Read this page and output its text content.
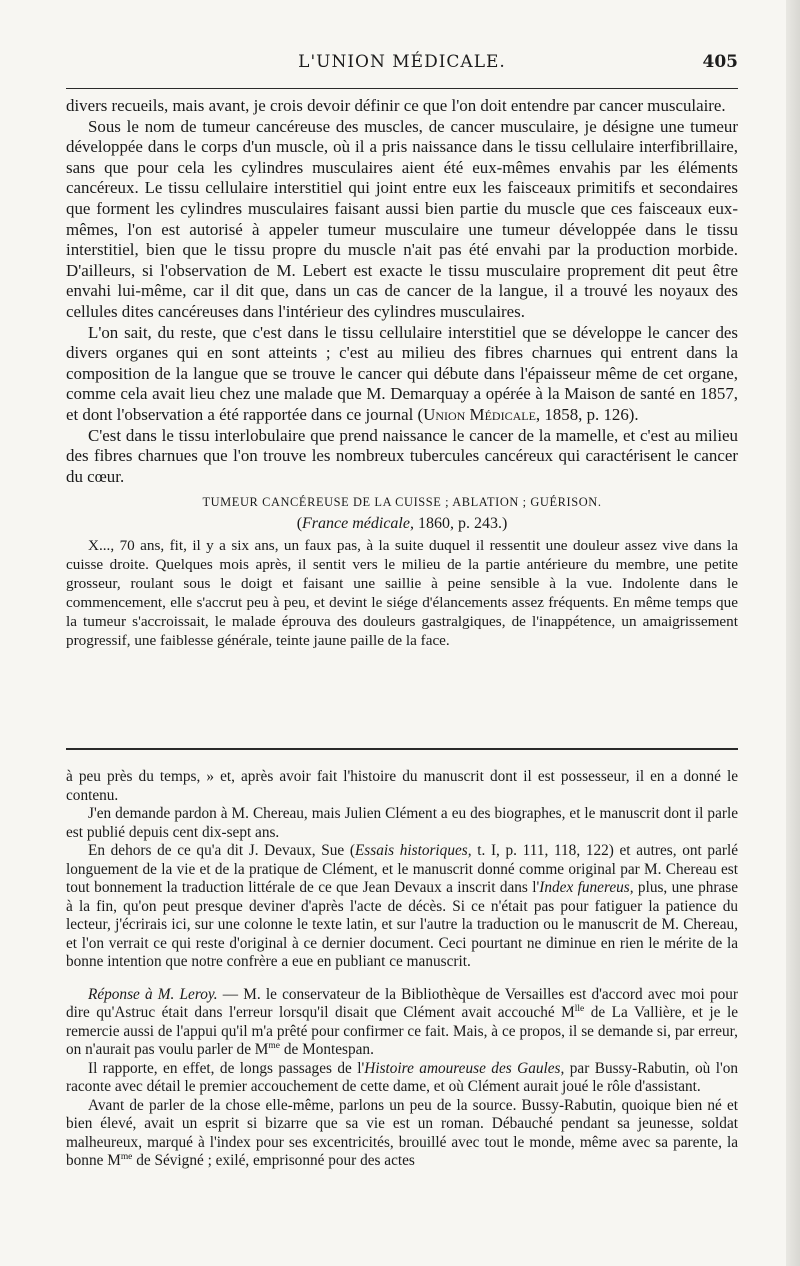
L'UNION MÉDICALE.	405

divers recueils, mais avant, je crois devoir définir ce que l'on doit entendre par cancer musculaire.

Sous le nom de tumeur cancéreuse des muscles, de cancer musculaire, je désigne une tumeur développée dans le corps d'un muscle, où il a pris naissance dans le tissu cellulaire interfibrillaire, sans que pour cela les cylindres musculaires aient été eux-mêmes envahis par les éléments cancéreux. Le tissu cellulaire interstitiel qui joint entre eux les faisceaux primitifs et secondaires que forment les cylindres musculaires faisant aussi bien partie du muscle que ces faisceaux eux-mêmes, l'on est autorisé à appeler tumeur musculaire une tumeur développée dans le tissu interstitiel, bien que le tissu propre du muscle n'ait pas été envahi par la production morbide. D'ailleurs, si l'observation de M. Lebert est exacte le tissu musculaire proprement dit peut être envahi lui-même, car il dit que, dans un cas de cancer de la langue, il a trouvé les noyaux des cellules dites cancéreuses dans l'intérieur des cylindres musculaires.

L'on sait, du reste, que c'est dans le tissu cellulaire interstitiel que se développe le cancer des divers organes qui en sont atteints ; c'est au milieu des fibres charnues qui entrent dans la composition de la langue que se trouve le cancer qui débute dans l'épaisseur même de cet organe, comme cela avait lieu chez une malade que M. Demarquay a opérée à la Maison de santé en 1857, et dont l'observation a été rapportée dans ce journal (Union Médicale, 1858, p. 126).

C'est dans le tissu interlobulaire que prend naissance le cancer de la mamelle, et c'est au milieu des fibres charnues que l'on trouve les nombreux tubercules cancéreux qui caractérisent le cancer du cœur.

TUMEUR CANCÉREUSE DE LA CUISSE ; ABLATION ; GUÉRISON.

(France médicale, 1860, p. 243.)

X..., 70 ans, fit, il y a six ans, un faux pas, à la suite duquel il ressentit une douleur assez vive dans la cuisse droite. Quelques mois après, il sentit vers le milieu de la partie antérieure du membre, une petite grosseur, roulant sous le doigt et faisant une saillie à peine sensible à la vue. Indolente dans le commencement, elle s'accrut peu à peu, et devint le siége d'élancements assez fréquents. En même temps que la tumeur s'accroissait, le malade éprouva des douleurs gastralgiques, de l'inappétence, un amaigrissement progressif, une faiblesse générale, teinte jaune paille de la face.

à peu près du temps, » et, après avoir fait l'histoire du manuscrit dont il est possesseur, il en a donné le contenu.

J'en demande pardon à M. Chereau, mais Julien Clément a eu des biographes, et le manuscrit dont il parle est publié depuis cent dix-sept ans.

En dehors de ce qu'a dit J. Devaux, Sue (Essais historiques, t. I, p. 111, 118, 122) et autres, ont parlé longuement de la vie et de la pratique de Clément, et le manuscrit donné comme original par M. Chereau est tout bonnement la traduction littérale de ce que Jean Devaux a inscrit dans l'Index funereus, plus, une phrase à la fin, qu'on peut presque deviner d'après l'acte de décès. Si ce n'était pas pour fatiguer la patience du lecteur, j'écrirais ici, sur une colonne le texte latin, et sur l'autre la traduction ou le manuscrit de M. Chereau, et l'on verrait ce qui reste d'original à ce dernier document. Ceci pourtant ne diminue en rien le mérite de la bonne intention que notre confrère a eue en publiant ce manuscrit.

Réponse à M. Leroy. — M. le conservateur de la Bibliothèque de Versailles est d'accord avec moi pour dire qu'Astruc était dans l'erreur lorsqu'il disait que Clément avait accouché $M^{lle}$ de La Vallière, et je le remercie aussi de l'appui qu'il m'a prêté pour confirmer ce fait. Mais, à ce propos, il se demande si, par erreur, on n'aurait pas voulu parler de $M^{me}$ de Montespan.

Il rapporte, en effet, de longs passages de l'Histoire amoureuse des Gaules, par Bussy-Rabutin, où l'on raconte avec détail le premier accouchement de cette dame, et où Clément aurait joué le rôle d'assistant.

Avant de parler de la chose elle-même, parlons un peu de la source. Bussy-Rabutin, quoique bien né et bien élevé, avait un esprit si bizarre que sa vie est un roman. Débauché pendant sa jeunesse, soldat malheureux, marqué à l'index pour ses excentricités, brouillé avec tout le monde, même avec sa parente, la bonne $M^{me}$ de Sévigné ; exilé, emprisonné pour des actes
